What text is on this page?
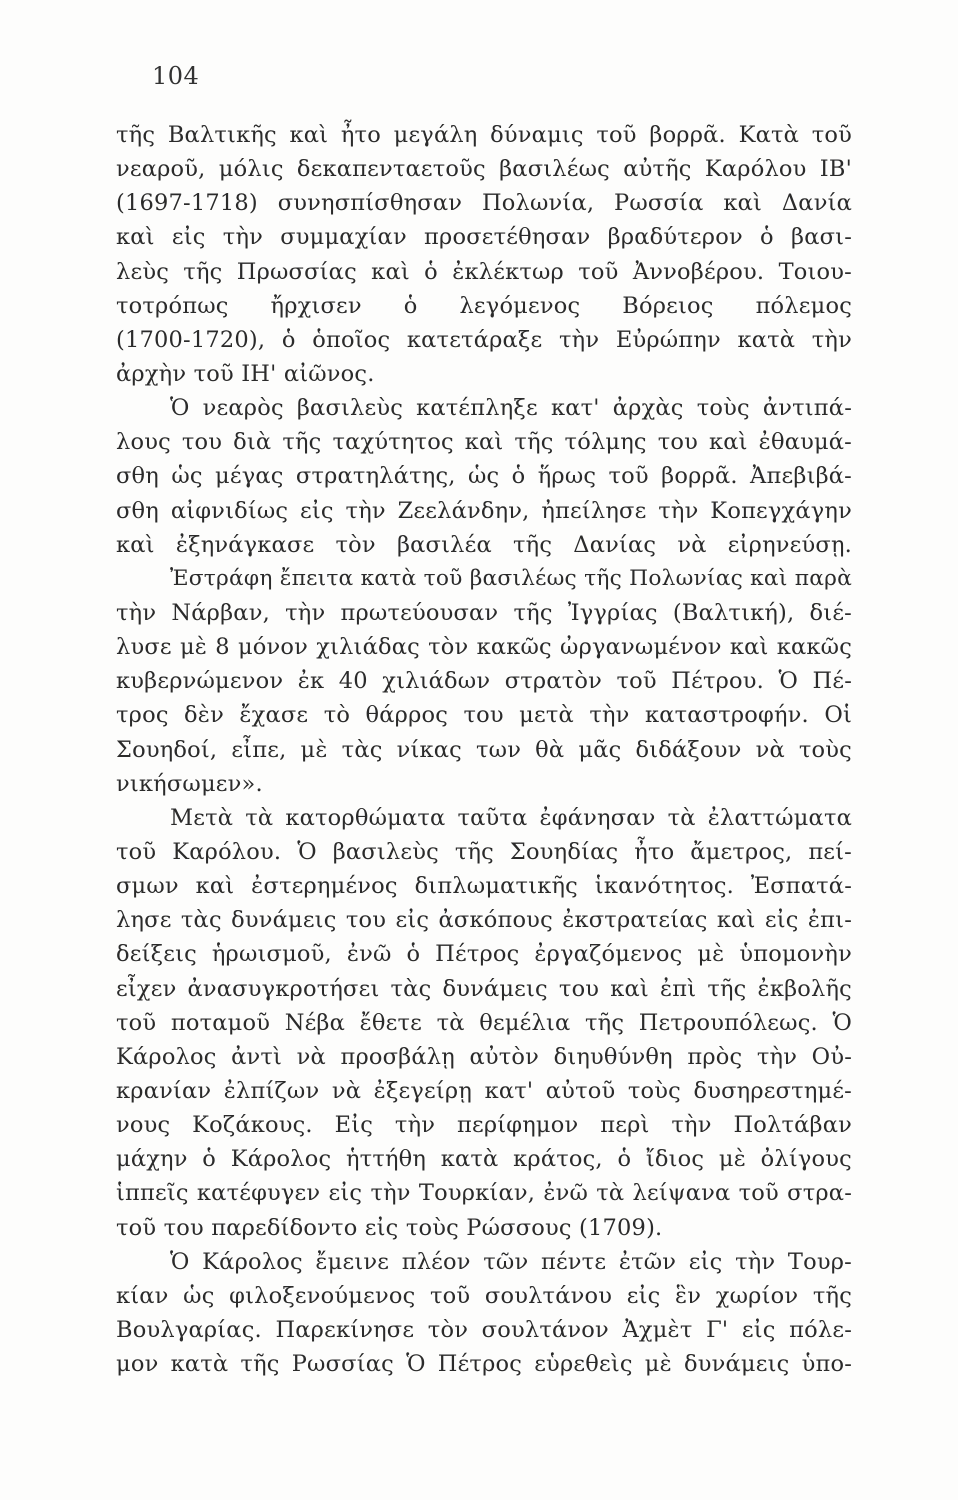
104
τῆς Βαλτικῆς καὶ ἦτο μεγάλη δύναμις τοῦ βορρᾶ. Κατὰ τοῦ
νεαροῦ, μόλις δεκαπενταετοῦς βασιλέως αὐτῆς Καρόλου ΙΒ'
(1697-1718) συνησπίσθησαν Πολωνία, Ρωσσία καὶ Δανία
καὶ εἰς τὴν συμμαχίαν προσετέθησαν βραδύτερον ὁ βασι-
λεὺς τῆς Πρωσσίας καὶ ὁ ἐκλέκτωρ τοῦ Ἀννοβέρου. Τοιου-
τοτρόπως ἤρχισεν ὁ λεγόμενος Βόρειος πόλεμος
(1700-1720), ὁ ὁποῖος κατετάραξε τὴν Εὐρώπην κατὰ τὴν
ἀρχὴν τοῦ ΙΗ' αἰῶνος.
Ὁ νεαρὸς βασιλεὺς κατέπληξε κατ' ἀρχὰς τοὺς ἀντιπά-
λους του διὰ τῆς ταχύτητος καὶ τῆς τόλμης του καὶ ἐθαυμά-
σθη ὡς μέγας στρατηλάτης, ὡς ὁ ἥρως τοῦ βορρᾶ. Ἀπεβιβά-
σθη αἰφνιδίως εἰς τὴν Ζεελάνδην, ἠπείλησε τὴν Κοπεγχάγην
καὶ ἐξηνάγκασε τὸν βασιλέα τῆς Δανίας νὰ εἰρηνεύσῃ.
Ἐστράφη ἔπειτα κατὰ τοῦ βασιλέως τῆς Πολωνίας καὶ παρὰ
τὴν Νάρβαν, τὴν πρωτεύουσαν τῆς Ἰγγρίας (Βαλτική), διέ-
λυσε μὲ 8 μόνον χιλιάδας τὸν κακῶς ὠργανωμένον καὶ κακῶς
κυβερνώμενον ἐκ 40 χιλιάδων στρατὸν τοῦ Πέτρου. Ὁ Πέ-
τρος δὲν ἔχασε τὸ θάρρος του μετὰ τὴν καταστροφήν. Οἱ
Σουηδοί, εἶπε, μὲ τὰς νίκας των θὰ μᾶς διδάξουν νὰ τοὺς
νικήσωμεν».
Μετὰ τὰ κατορθώματα ταῦτα ἐφάνησαν τὰ ἐλαττώματα
τοῦ Καρόλου. Ὁ βασιλεὺς τῆς Σουηδίας ἦτο ἄμετρος, πεί-
σμων καὶ ἐστερημένος διπλωματικῆς ἱκανότητος. Ἐσπατά-
λησε τὰς δυνάμεις του εἰς ἀσκόπους ἐκστρατείας καὶ εἰς ἐπι-
δείξεις ἡρωισμοῦ, ἐνῶ ὁ Πέτρος ἐργαζόμενος μὲ ὑπομονὴν
εἶχεν ἀνασυγκροτήσει τὰς δυνάμεις του καὶ ἐπὶ τῆς ἐκβολῆς
τοῦ ποταμοῦ Νέβα ἔθετε τὰ θεμέλια τῆς Πετρουπόλεως. Ὁ
Κάρολος ἀντὶ νὰ προσβάλῃ αὐτὸν διηυθύνθη πρὸς τὴν Οὐ-
κρανίαν ἐλπίζων νὰ ἐξεγείρῃ κατ' αὐτοῦ τοὺς δυσηρεστημέ-
νους Κοζάκους. Εἰς τὴν περίφημον περὶ τὴν Πολτάβαν
μάχην ὁ Κάρολος ἡττήθη κατὰ κράτος, ὁ ἴδιος μὲ ὀλίγους
ἱππεῖς κατέφυγεν εἰς τὴν Τουρκίαν, ἐνῶ τὰ λείψανα τοῦ στρα-
τοῦ του παρεδίδοντο εἰς τοὺς Ρώσσους (1709).
Ὁ Κάρολος ἔμεινε πλέον τῶν πέντε ἐτῶν εἰς τὴν Τουρ-
κίαν ὡς φιλοξενούμενος τοῦ σουλτάνου εἰς ἓν χωρίον τῆς
Βουλγαρίας. Παρεκίνησε τὸν σουλτάνον Ἀχμὲτ Γ' εἰς πόλε-
μον κατὰ τῆς Ρωσσίας Ὁ Πέτρος εὑρεθεὶς μὲ δυνάμεις ὑπο-
